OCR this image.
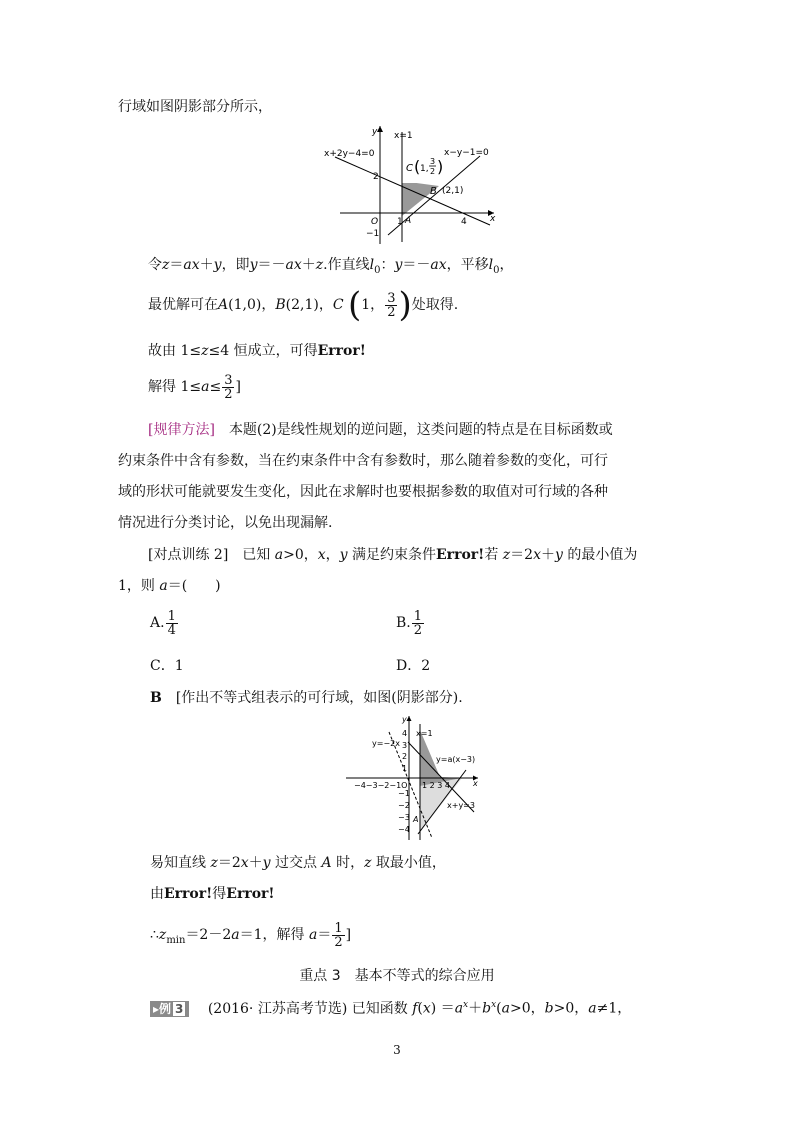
行域如图阴影部分所示，
y
x
x=1
x+2y−4=0	x−y−1=0
C ( 1,
3
2 )
B (2,1)
A
O 1	4
2
−1
令z＝ax＋y，即y＝－ax＋z.作直线$l_0$：y＝－ax，平移$l_0$，
最优解可在A(1,0)，B(2,1)，C (1， $\frac{3}{2}$ )处取得.
故由 1≤z≤4 恒成立，可得Error!
解得 $1\le a\le \frac{3}{2}$ ]
[规律方法]　 本题(2)是线性规划的逆问题，这类问题的特点是在目标函数或
约束条件中含有参数，当在约束条件中含有参数时，那么随着参数的变化，可行
域的形状可能就要发生变化，因此在求解时也要根据参数的取值对可行域的各种
情况进行分类讨论，以免出现漏解.
[对点训练 2]　已知 a>0，x，y 满足约束条件Error!若 z＝2x＋y 的最小值为
1，则 a＝(　　)
A. $\frac{1}{4}$	B. $\frac{1}{2}$
C．1	D．2
B　 [作出不等式组表示的可行域，如图(阴影部分).
y
x
x=1
y=−2x
y=a(x−3)
x+y=3
A
−4−3−2−1O 1 2 3 4
4
3
2
1
−1
−2
−3
−4
易知直线 z＝2x＋y 过交点 A 时，z 取最小值，
由Error!得Error!
$\therefore z_{min}=2-2a=1$，解得 $a= \frac{1}{2}$ ]
重点 3　基本不等式的综合应用
▸例 3 (2016· 江苏高考节选) 已知函数 $f(x) =a^x+b^x(a>0$，b>0，a≠1，
3
